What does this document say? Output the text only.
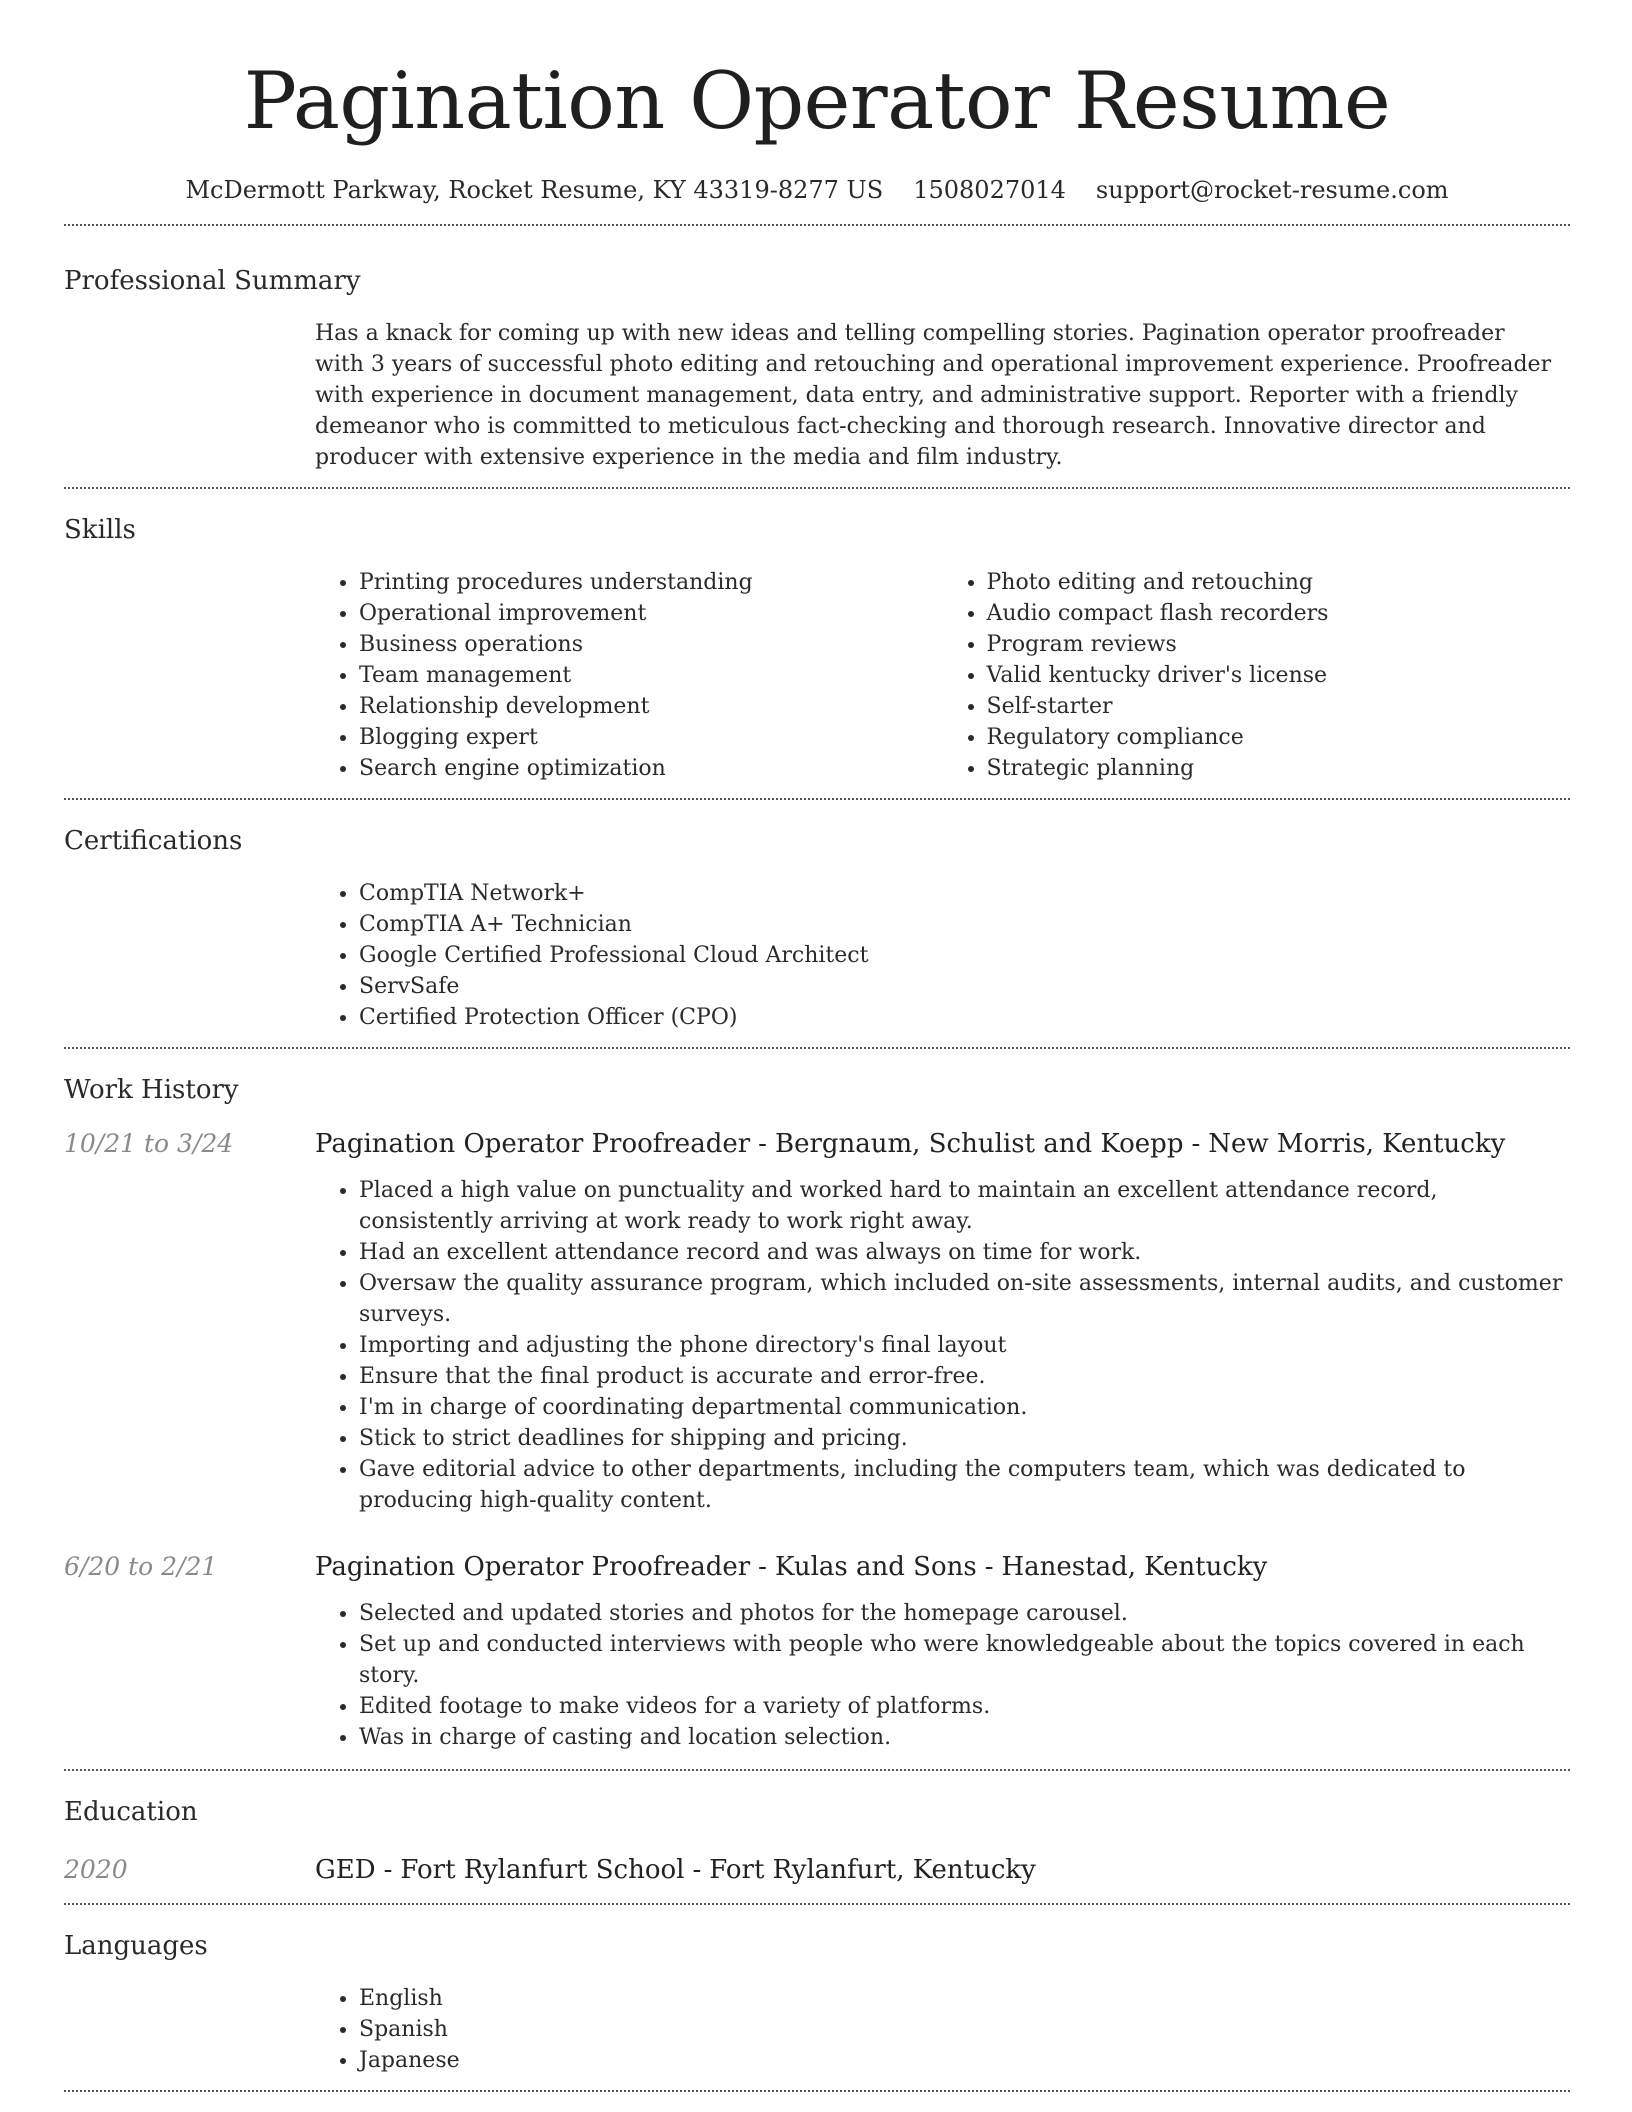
Pagination Operator Resume
McDermott Parkway, Rocket Resume, KY 43319-8277 US 1508027014 support@rocket-resume.com
Professional Summary
Has a knack for coming up with new ideas and telling compelling stories. Pagination operator proofreader with 3 years of successful photo editing and retouching and operational improvement experience. Proofreader with experience in document management, data entry, and administrative support. Reporter with a friendly demeanor who is committed to meticulous fact-checking and thorough research. Innovative director and producer with extensive experience in the media and film industry.
Skills
• Printing procedures understanding
• Operational improvement
• Business operations
• Team management
• Relationship development
• Blogging expert
• Search engine optimization
• Photo editing and retouching
• Audio compact flash recorders
• Program reviews
• Valid kentucky driver's license
• Self-starter
• Regulatory compliance
• Strategic planning
Certifications
• CompTIA Network+
• CompTIA A+ Technician
• Google Certified Professional Cloud Architect
• ServSafe
• Certified Protection Officer (CPO)
Work History
10/21 to 3/24	Pagination Operator Proofreader - Bergnaum, Schulist and Koepp - New Morris, Kentucky
• Placed a high value on punctuality and worked hard to maintain an excellent attendance record, consistently arriving at work ready to work right away.
• Had an excellent attendance record and was always on time for work.
• Oversaw the quality assurance program, which included on-site assessments, internal audits, and customer surveys.
• Importing and adjusting the phone directory's final layout
• Ensure that the final product is accurate and error-free.
• I'm in charge of coordinating departmental communication.
• Stick to strict deadlines for shipping and pricing.
• Gave editorial advice to other departments, including the computers team, which was dedicated to producing high-quality content.
6/20 to 2/21	Pagination Operator Proofreader - Kulas and Sons - Hanestad, Kentucky
• Selected and updated stories and photos for the homepage carousel.
• Set up and conducted interviews with people who were knowledgeable about the topics covered in each story.
• Edited footage to make videos for a variety of platforms.
• Was in charge of casting and location selection.
Education
2020	GED - Fort Rylanfurt School - Fort Rylanfurt, Kentucky
Languages
• English
• Spanish
• Japanese
